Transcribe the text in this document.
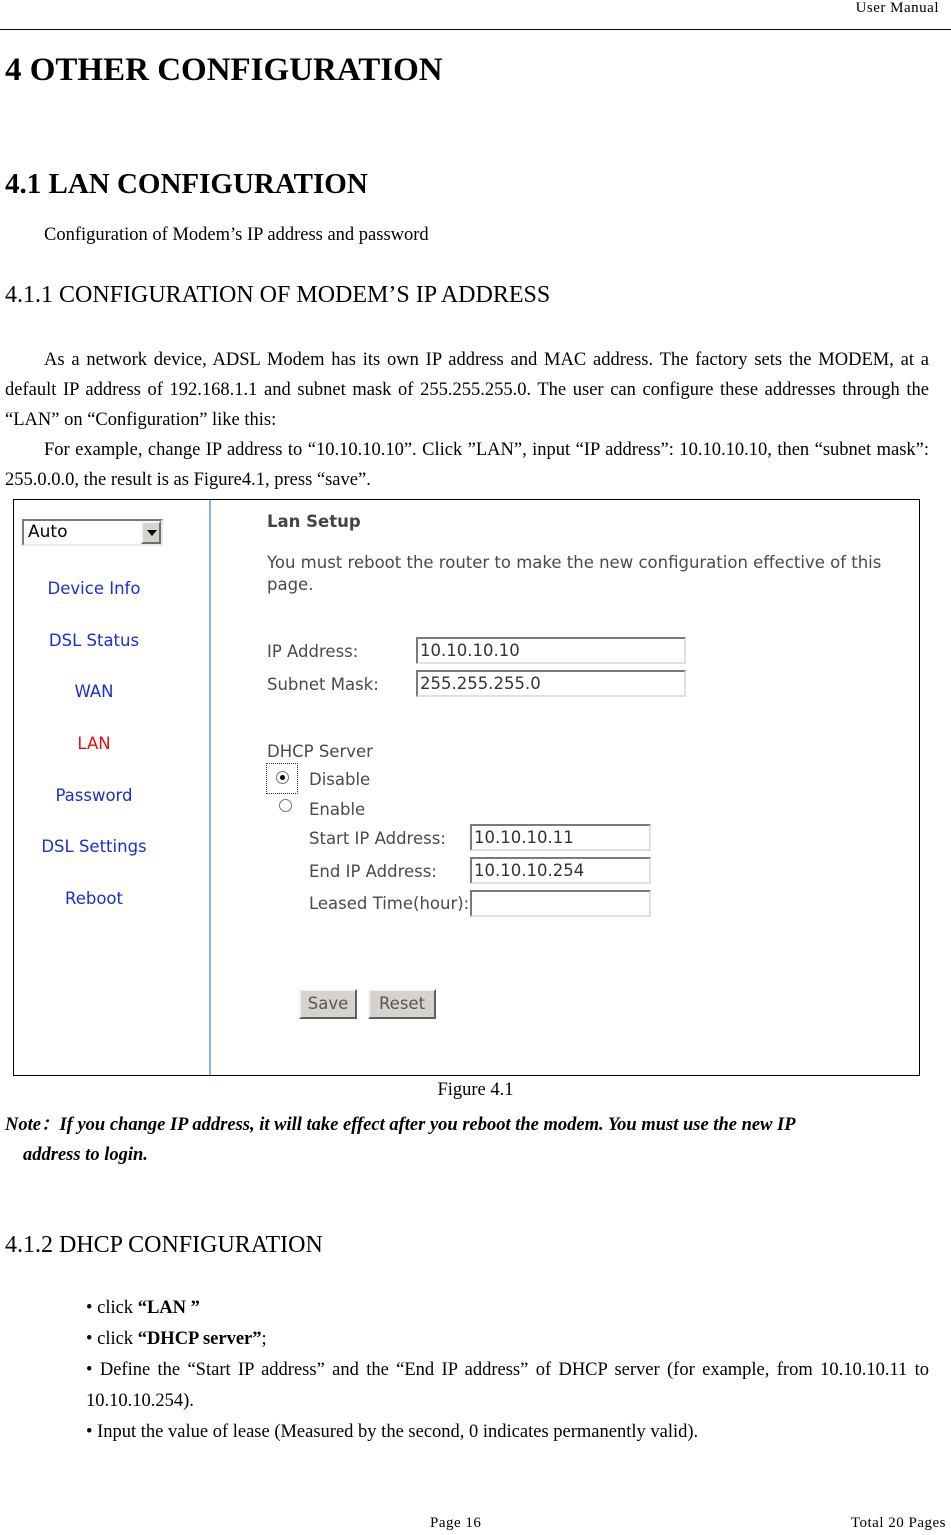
User Manual
4 OTHER CONFIGURATION
4.1 LAN CONFIGURATION
Configuration of Modem’s IP address and password
4.1.1 CONFIGURATION OF MODEM’S IP ADDRESS

As a network device, ADSL Modem has its own IP address and MAC address. The factory sets the MODEM, at a default IP address of 192.168.1.1 and subnet mask of 255.255.255.0. The user can configure these addresses through the “LAN” on “Configuration” like this:

For example, change IP address to “10.10.10.10”. Click ”LAN”, input “IP address”: 10.10.10.10, then “subnet mask”: 255.0.0.0, the result is as Figure4.1, press “save”.

Auto
Device Info
DSL Status
WAN
LAN
Password
DSL Settings
Reboot
Lan Setup
You must reboot the router to make the new configuration effective of this page.
IP Address:	10.10.10.10
Subnet Mask: 255.255.255.0
DHCP Server
Disable
Enable
Start IP Address: 10.10.10.11
End IP Address: 10.10.10.254
Leased Time(hour):
Save	Reset
Figure 4.1
Note：If you change IP address, it will take effect after you reboot the modem. You must use the new IP
address to login.
4.1.2 DHCP CONFIGURATION
• click “LAN ”
• click “DHCP server”;
• Define the “Start IP address” and the “End IP address” of DHCP server (for example, from 10.10.10.11 to 10.10.10.254).
• Input the value of lease (Measured by the second, 0 indicates permanently valid).
Page 16	Total 20 Pages
